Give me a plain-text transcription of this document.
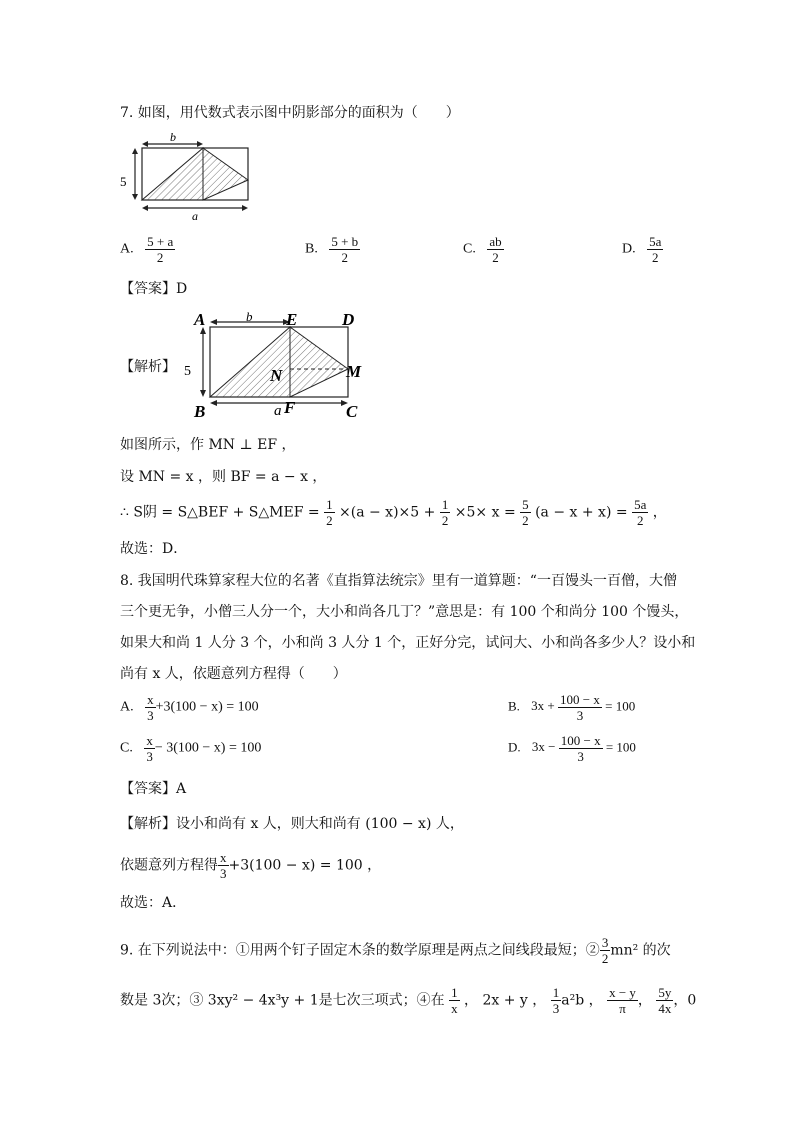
7. 如图，用代数式表示图中阴影部分的面积为（　　）
b
5
a
A. $\frac{5 + a}{2}$	B. $\frac{5 + b}{2}$	C. $\frac{ab}{2}$	D. $\frac{5a}{2}$
【答案】D
【解析】
A	b E	D
5	N	M
B	a F	C
如图所示，作 MN ⊥ EF ，
设 MN = x ，则 BF = a − x ，
∴ S阴 = S△BEF + S△MEF = $\frac{1}{2} \times(a - x)\times 5 + \frac{1}{2} \times 5\times x = \frac{5}{2} (a - x + x) = \frac{5a}{2}$ ，
故选：D．
8. 我国明代珠算家程大位的名著《直指算法统宗》里有一道算题：“一百馒头一百僧，大僧
三个更无争，小僧三人分一个，大小和尚各几丁？”意思是：有 100 个和尚分 100 个馒头，
如果大和尚 1 人分 3 个，小和尚 3 人分 1 个，正好分完，试问大、小和尚各多少人？设小和
尚有 x 人，依题意列方程得（　　）
A. $\frac{x}{3} +3(100 - x) = 100$	B. $3x + \frac{100 - x}{3} = 100$
C. $\frac{x}{3} - 3(100 - x) = 100$	D. $3x - \frac{100 - x}{3} = 100$
【答案】A
【解析】设小和尚有 x 人，则大和尚有 (100 − x) 人，
依题意列方程得 $\frac{x}{3} +3(100 - x) = 100$ ，
故选：A．
9. 在下列说法中：①用两个钉子固定木条的数学原理是两点之间线段最短；② $\frac{3}{2} mn^2$ 的次
数是 3次；③ 3xy² − 4x³y + 1是七次三项式；④在 $\frac{1}{x}$ ， 2x + y ， $\frac{1}{3} a^2b$ ， $\frac{x - y}{\pi}$ ， $\frac{5y}{4x}$ ，0
